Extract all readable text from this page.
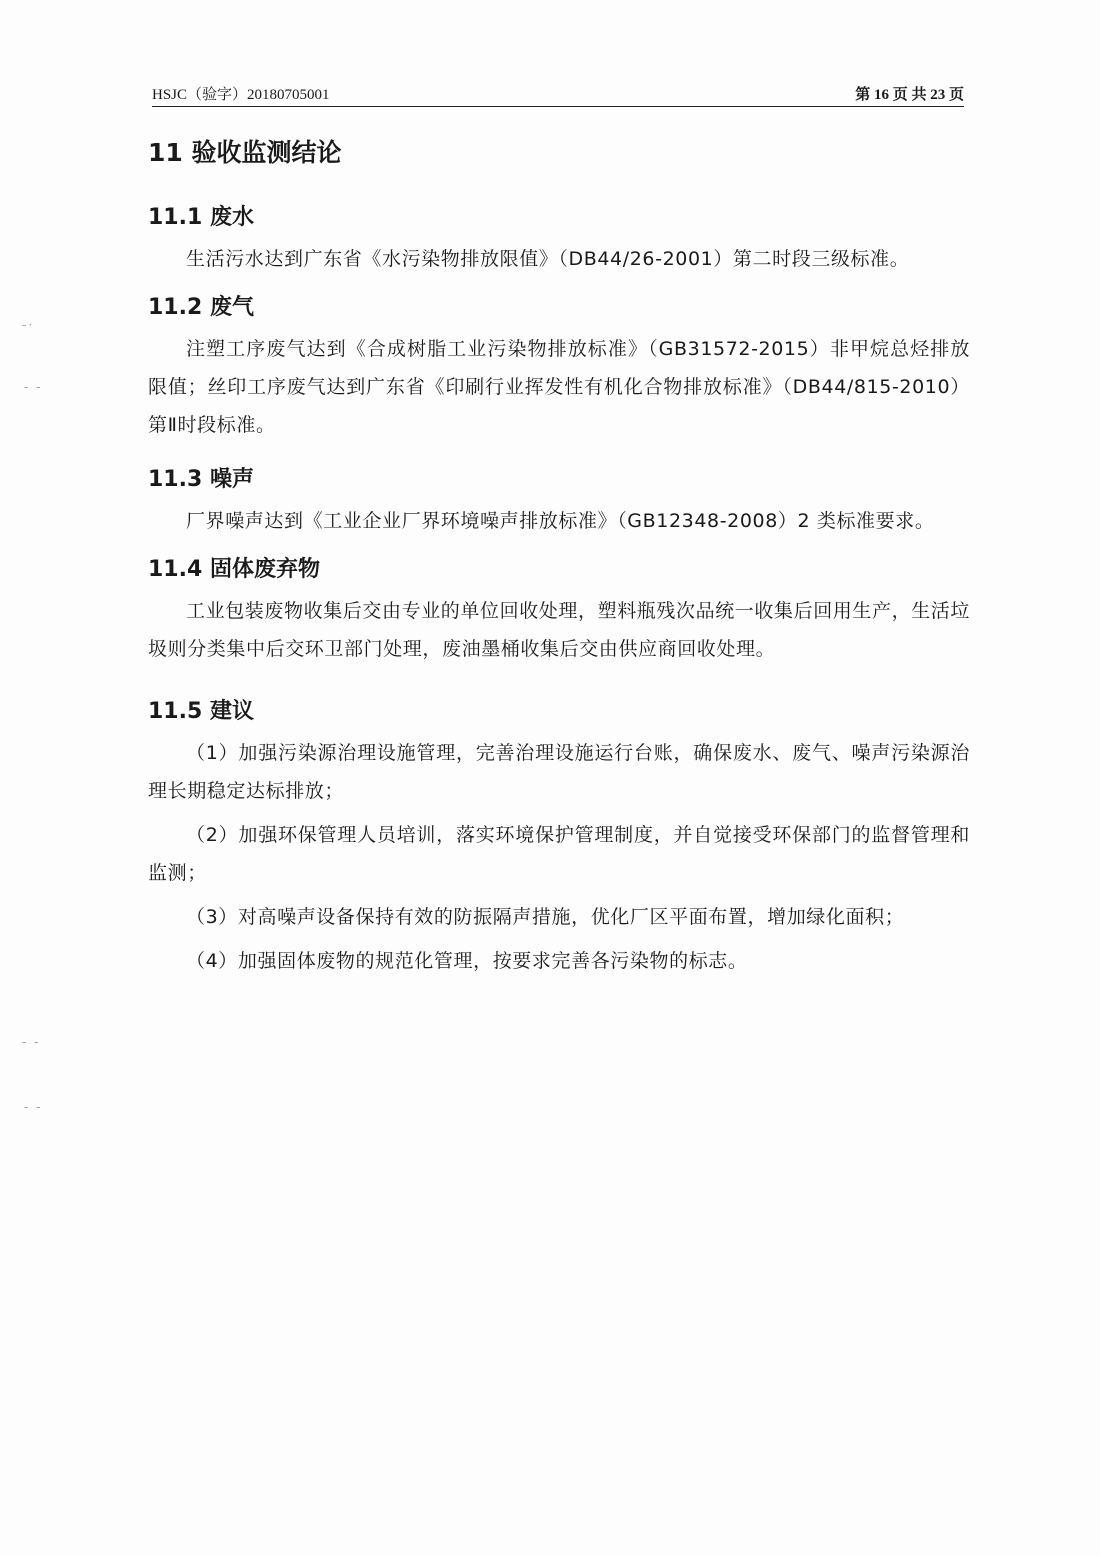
-·
- -
- -
- -
HSJC（验字）20180705001	第 16 页 共 23 页
11 验收监测结论
11.1 废水

生活污水达到广东省《水污染物排放限值》（DB44/26-2001）第二时段三级标准。

11.2 废气

注塑工序废气达到《合成树脂工业污染物排放标准》（GB31572-2015）非甲烷总烃排放限值；丝印工序废气达到广东省《印刷行业挥发性有机化合物排放标准》（DB44/815-2010）第Ⅱ时段标准。

11.3 噪声

厂界噪声达到《工业企业厂界环境噪声排放标准》（GB12348-2008）2 类标准要求。

11.4 固体废弃物

工业包装废物收集后交由专业的单位回收处理，塑料瓶残次品统一收集后回用生产，生活垃圾则分类集中后交环卫部门处理，废油墨桶收集后交由供应商回收处理。

11.5 建议

（1）加强污染源治理设施管理，完善治理设施运行台账，确保废水、废气、噪声污染源治理长期稳定达标排放；

（2）加强环保管理人员培训，落实环境保护管理制度，并自觉接受环保部门的监督管理和监测；

（3）对高噪声设备保持有效的防振隔声措施，优化厂区平面布置，增加绿化面积；

（4）加强固体废物的规范化管理，按要求完善各污染物的标志。
